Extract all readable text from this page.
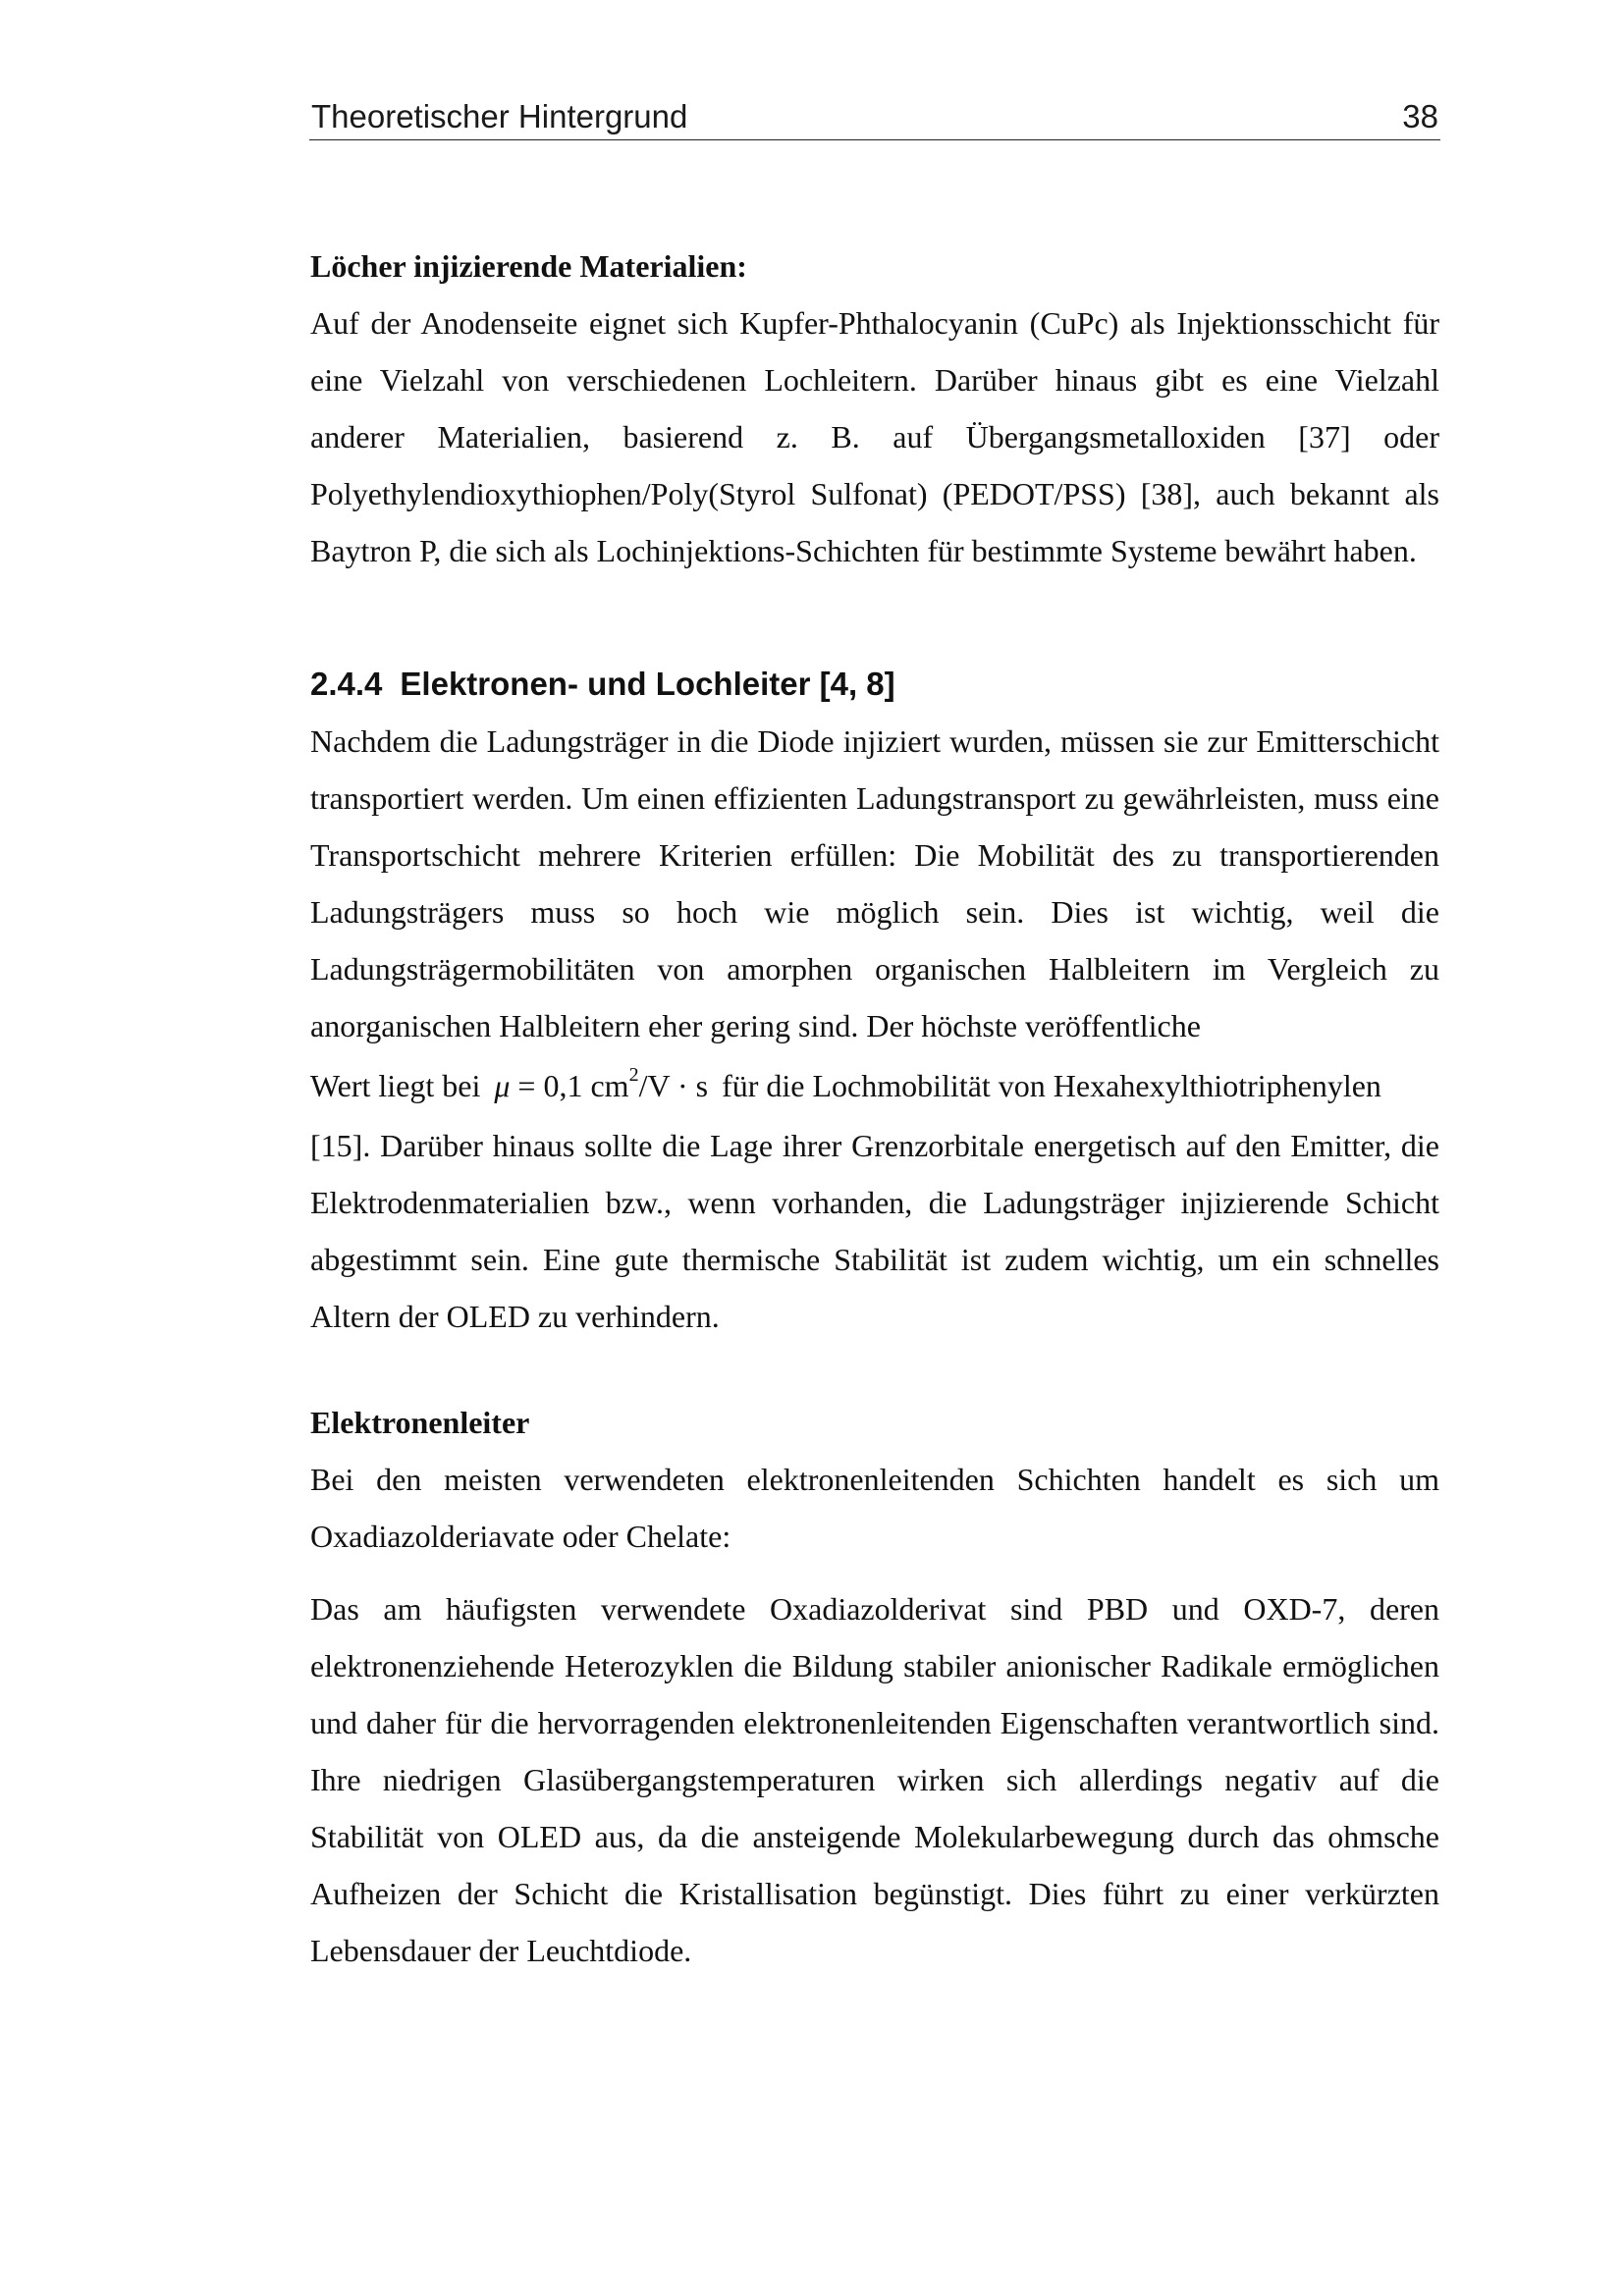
Theoretischer Hintergrund	38
Löcher injizierende Materialien:

Auf der Anodenseite eignet sich Kupfer-Phthalocyanin (CuPc) als Injektionsschicht für eine Vielzahl von verschiedenen Lochleitern. Darüber hinaus gibt es eine Vielzahl anderer Materialien, basierend z. B. auf Übergangsmetalloxiden [37] oder Polyethylendioxythiophen/Poly(Styrol Sulfonat) (PEDOT/PSS) [38], auch bekannt als Baytron P, die sich als Lochinjektions-Schichten für bestimmte Systeme bewährt haben.

2.4.4 Elektronen- und Lochleiter [4, 8]

Nachdem die Ladungsträger in die Diode injiziert wurden, müssen sie zur Emitterschicht transportiert werden. Um einen effizienten Ladungstransport zu gewährleisten, muss eine Transportschicht mehrere Kriterien erfüllen: Die Mobilität des zu transportierenden Ladungsträgers muss so hoch wie möglich sein. Dies ist wichtig, weil die Ladungsträgermobilitäten von amorphen organischen Halbleitern im Vergleich zu anorganischen Halbleitern eher gering sind. Der höchste veröffentliche

Wert liegt bei μ = 0,1 $cm^2/V \cdot s$ für die Lochmobilität von Hexahexylthiotriphenylen

[15]. Darüber hinaus sollte die Lage ihrer Grenzorbitale energetisch auf den Emitter, die Elektrodenmaterialien bzw., wenn vorhanden, die Ladungsträger injizierende Schicht abgestimmt sein. Eine gute thermische Stabilität ist zudem wichtig, um ein schnelles Altern der OLED zu verhindern.

Elektronenleiter

Bei den meisten verwendeten elektronenleitenden Schichten handelt es sich um Oxadiazolderiavate oder Chelate:

Das am häufigsten verwendete Oxadiazolderivat sind PBD und OXD-7, deren elektronenziehende Heterozyklen die Bildung stabiler anionischer Radikale ermöglichen und daher für die hervorragenden elektronenleitenden Eigenschaften verantwortlich sind. Ihre niedrigen Glasübergangstemperaturen wirken sich allerdings negativ auf die Stabilität von OLED aus, da die ansteigende Molekularbewegung durch das ohmsche Aufheizen der Schicht die Kristallisation begünstigt. Dies führt zu einer verkürzten Lebensdauer der Leuchtdiode.
